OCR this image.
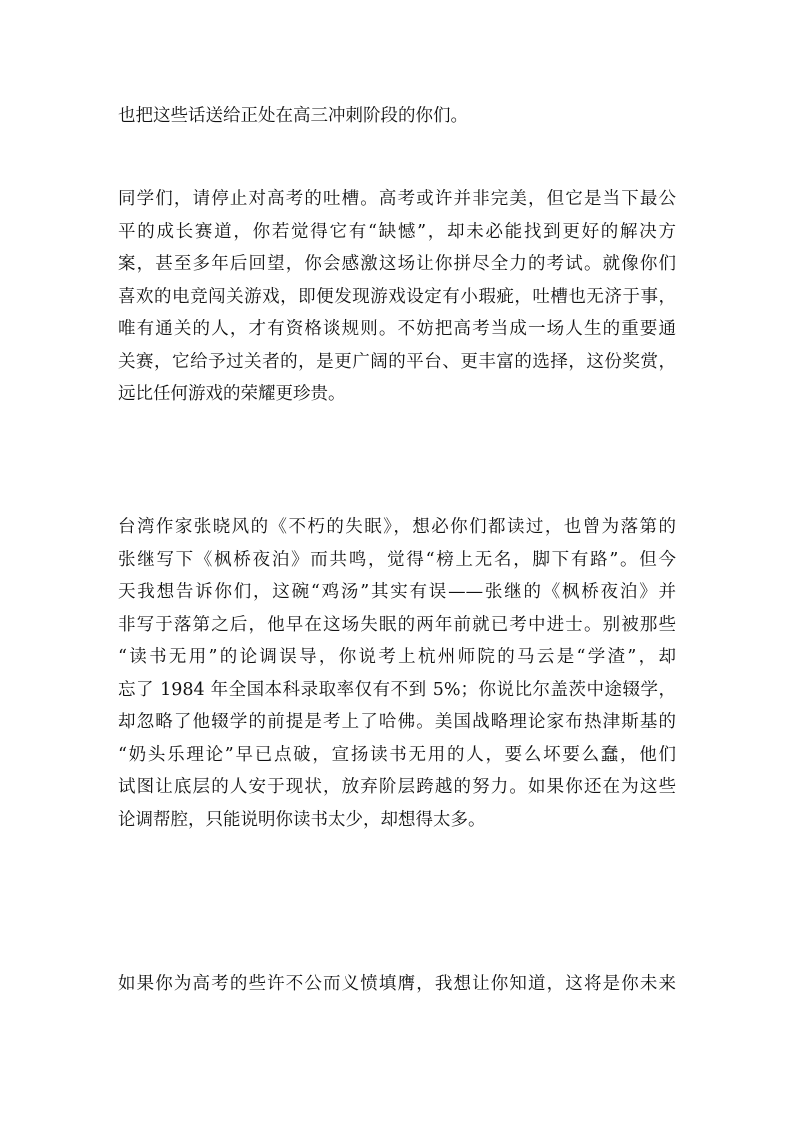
也把这些话送给正处在高三冲刺阶段的你们。

同学们，请停止对高考的吐槽。高考或许并非完美，但它是当下最公
平的成长赛道，你若觉得它有“缺憾”，却未必能找到更好的解决方
案，甚至多年后回望，你会感激这场让你拼尽全力的考试。就像你们
喜欢的电竞闯关游戏，即便发现游戏设定有小瑕疵，吐槽也无济于事，
唯有通关的人，才有资格谈规则。不妨把高考当成一场人生的重要通
关赛，它给予过关者的，是更广阔的平台、更丰富的选择，这份奖赏，
远比任何游戏的荣耀更珍贵。

台湾作家张晓风的《不朽的失眠》，想必你们都读过，也曾为落第的
张继写下《枫桥夜泊》而共鸣，觉得“榜上无名，脚下有路”。但今
天我想告诉你们，这碗“鸡汤”其实有误——张继的《枫桥夜泊》并
非写于落第之后，他早在这场失眠的两年前就已考中进士。别被那些
“读书无用”的论调误导，你说考上杭州师院的马云是“学渣”，却
忘了 1984 年全国本科录取率仅有不到 5%；你说比尔盖茨中途辍学，
却忽略了他辍学的前提是考上了哈佛。美国战略理论家布热津斯基的
“奶头乐理论”早已点破，宣扬读书无用的人，要么坏要么蠢，他们
试图让底层的人安于现状，放弃阶层跨越的努力。如果你还在为这些
论调帮腔，只能说明你读书太少，却想得太多。

如果你为高考的些许不公而义愤填膺，我想让你知道，这将是你未来
